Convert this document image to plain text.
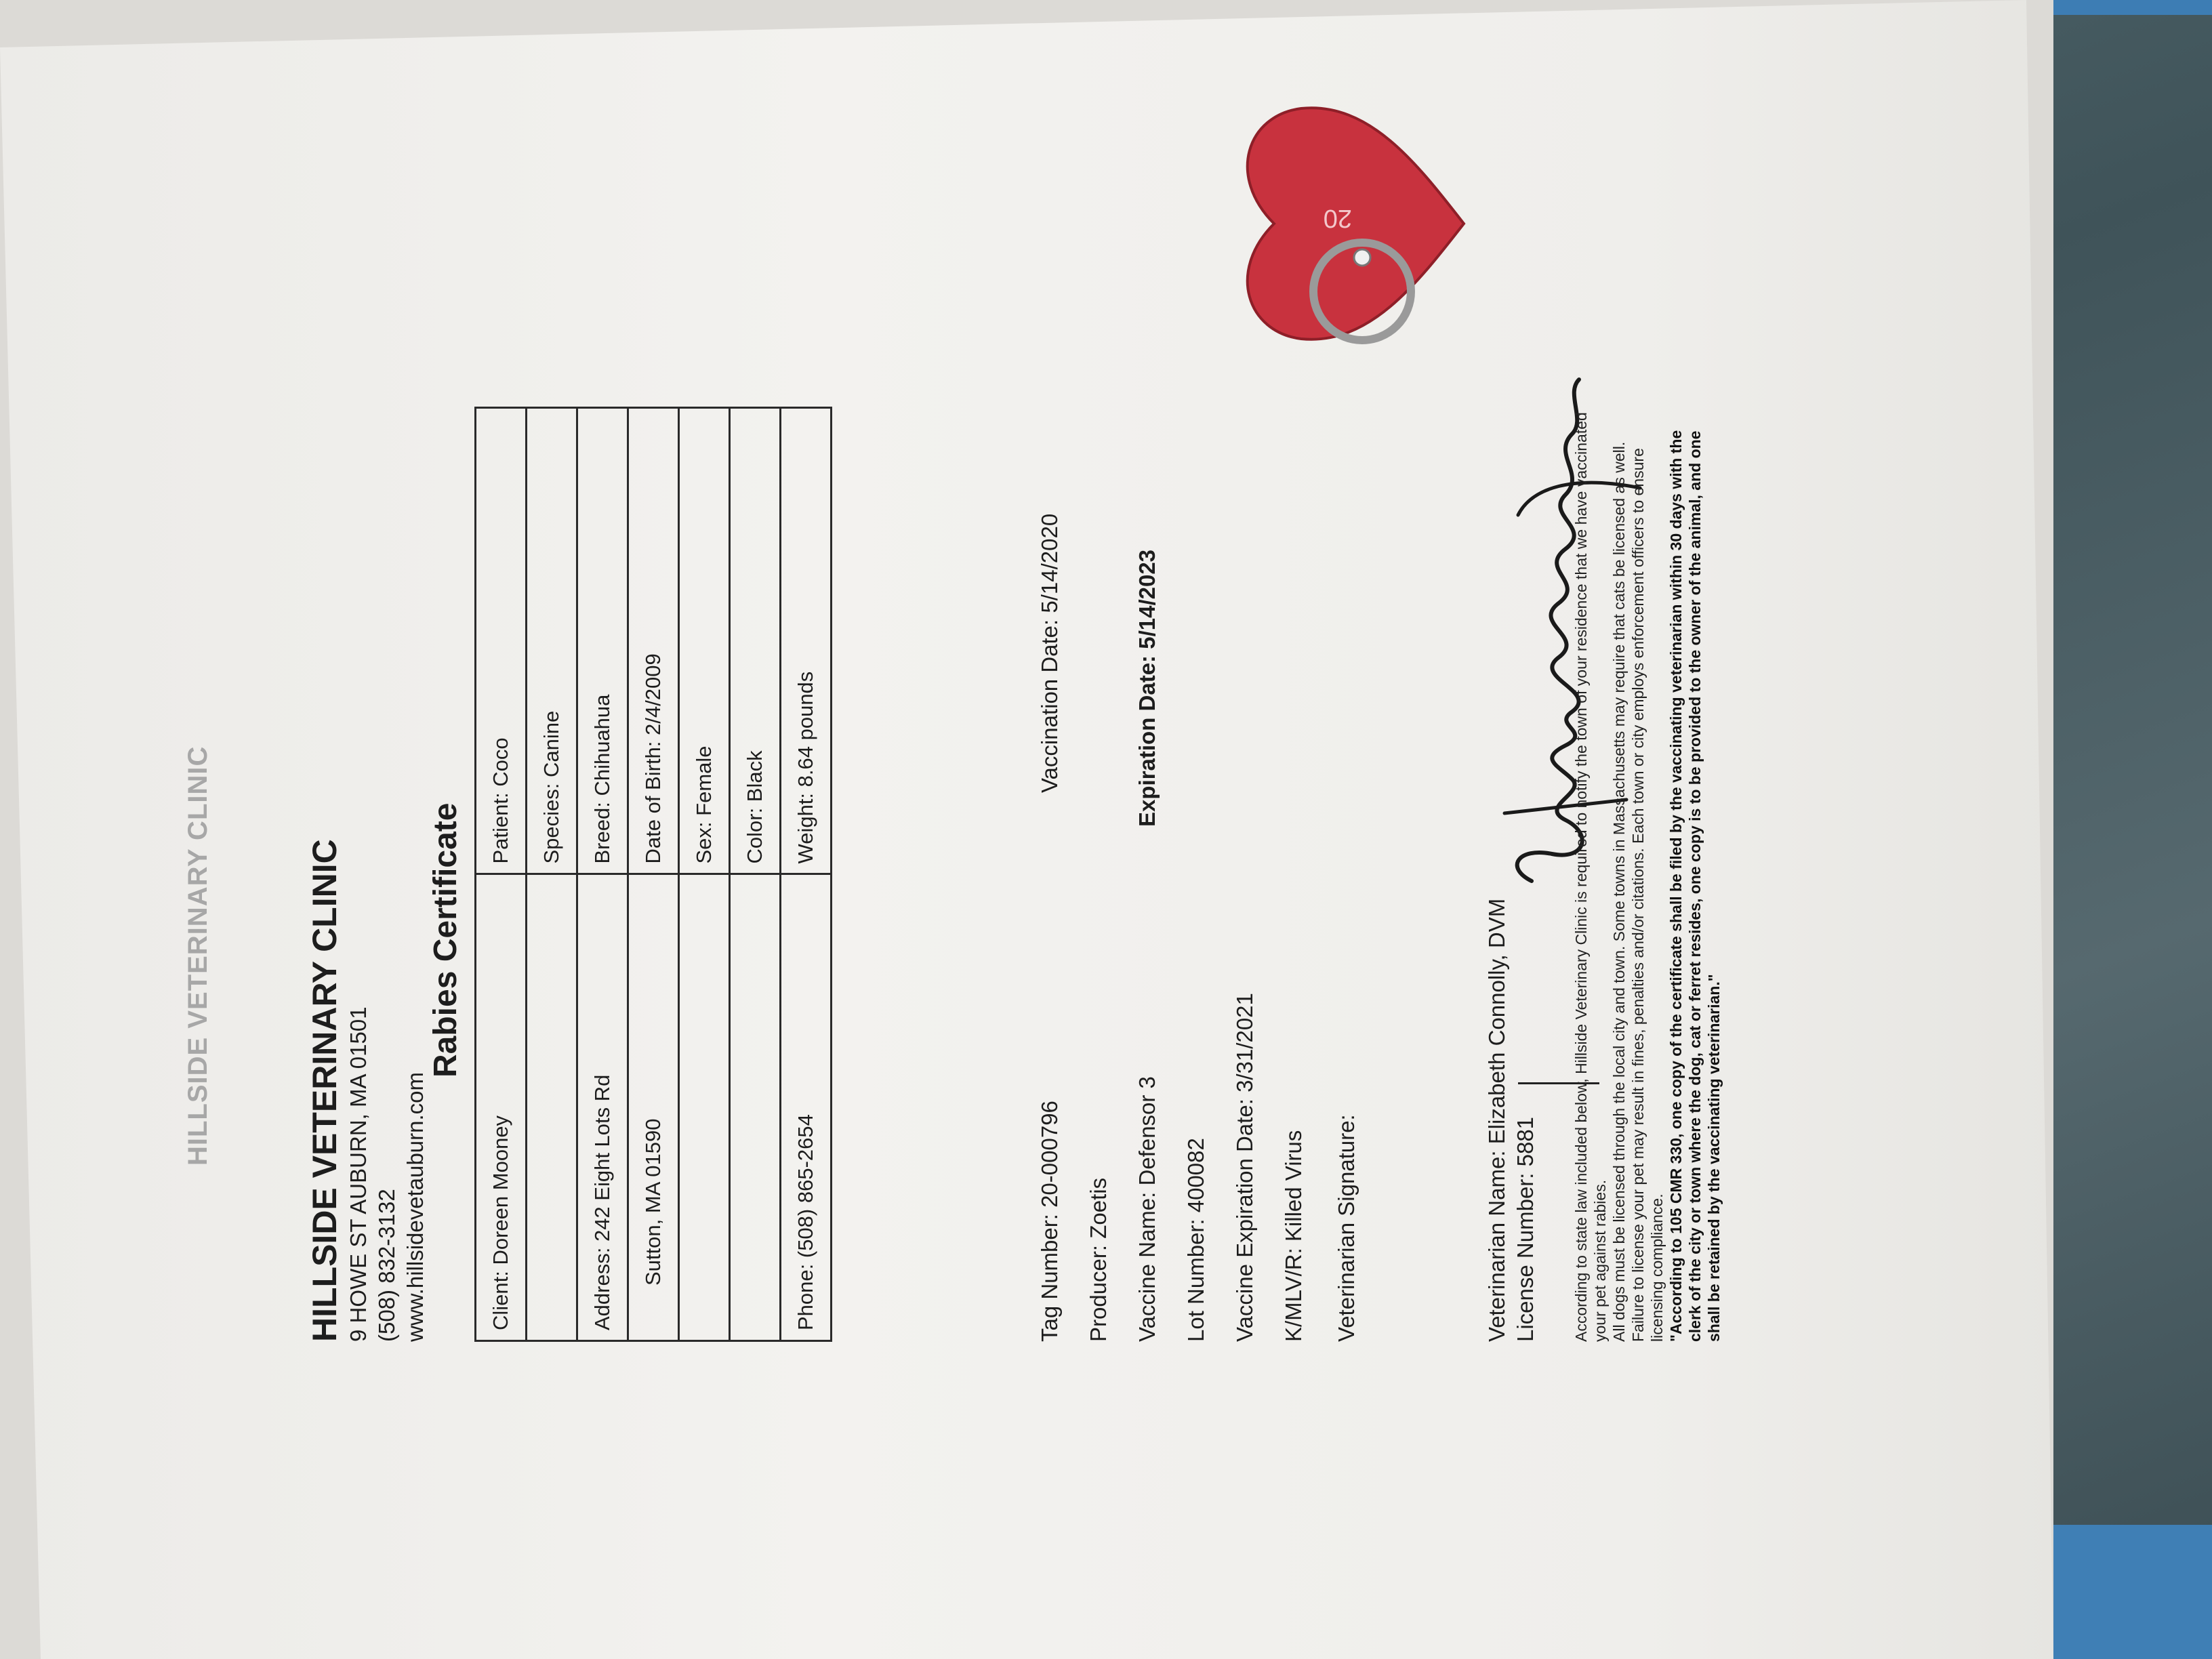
HILLSIDE VETERINARY CLINIC	HILLSIDE VETERINARY CLINIC 9 HOWE ST AUBURN, MA 01501 (508) 832-3132 www.hillsidevetauburn.com
Rabies Certificate
Client: Doreen Mooney	Patient: Coco
	Species: Canine
Address: 242 Eight Lots Rd	Breed: Chihuahua
Sutton, MA 01590	Date of Birth: 2/4/2009
	Sex: Female
	Color: Black
Phone: (508) 865-2654	Weight: 8.64 pounds
Tag Number: 20-000796
Vaccination Date: 5/14/2020
Producer: Zoetis Vaccine Name: Defensor 3
Expiration Date: 5/14/2023
Lot Number: 400082 Vaccine Expiration Date: 3/31/2021 K/MLV/R: Killed Virus Veterinarian Signature:	Veterinarian Name: Elizabeth Connolly, DVM License Number: 5881 According to state law included below, Hillside Veterinary Clinic is required to notify the town of your residence that we have vaccinated your pet against rabies. All dogs must be licensed through the local city and town. Some towns in Massachusetts may require that cats be licensed as well. Failure to license your pet may result in fines, penalties and/or citations. Each town or city employs enforcement officers to ensure licensing compliance. "According to 105 CMR 330, one copy of the certificate shall be filed by the vaccinating veterinarian within 30 days with the clerk of the city or town where the dog, cat or ferret resides, one copy is to be provided to the owner of the animal, and one shall be retained by the vaccinating veterinarian."
20
